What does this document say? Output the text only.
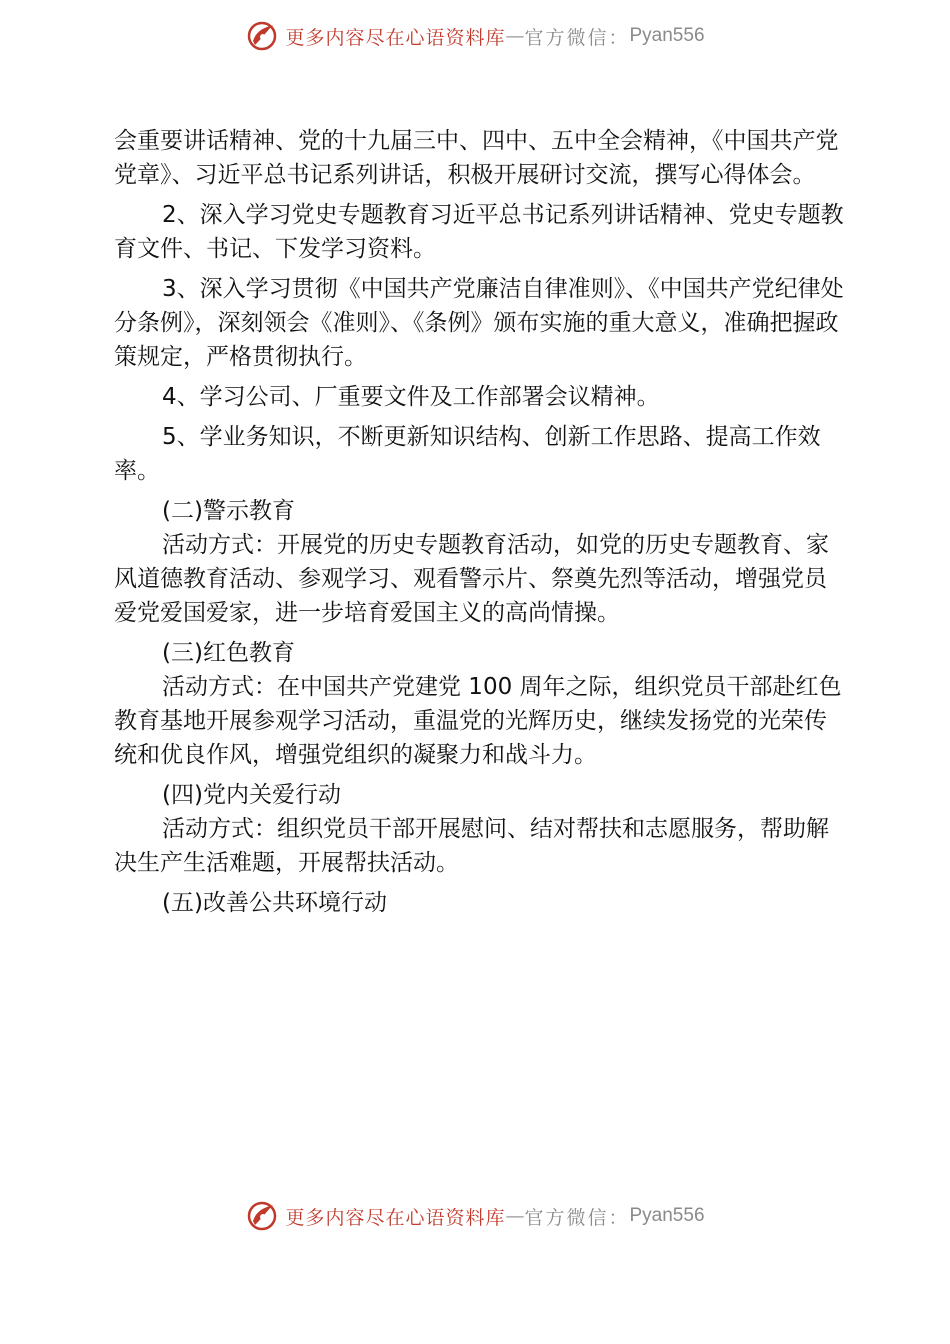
更多内容尽在心语资料库 — 官方微信： Pyan556

会重要讲话精神、党的十九届三中、四中、五中全会精神，《中国共产党党章》、习近平总书记系列讲话，积极开展研讨交流，撰写心得体会。

2、深入学习党史专题教育习近平总书记系列讲话精神、党史专题教育文件、书记、下发学习资料。

3、深入学习贯彻《中国共产党廉洁自律准则》、《中国共产党纪律处分条例》，深刻领会《准则》、《条例》颁布实施的重大意义，准确把握政策规定，严格贯彻执行。

4、学习公司、厂重要文件及工作部署会议精神。

5、学业务知识，不断更新知识结构、创新工作思路、提高工作效率。

(二)警示教育

活动方式：开展党的历史专题教育活动，如党的历史专题教育、家风道德教育活动、参观学习、观看警示片、祭奠先烈等活动，增强党员爱党爱国爱家，进一步培育爱国主义的高尚情操。

(三)红色教育

活动方式：在中国共产党建党 100 周年之际，组织党员干部赴红色教育基地开展参观学习活动，重温党的光辉历史，继续发扬党的光荣传统和优良作风，增强党组织的凝聚力和战斗力。

(四)党内关爱行动

活动方式：组织党员干部开展慰问、结对帮扶和志愿服务，帮助解决生产生活难题，开展帮扶活动。

(五)改善公共环境行动

更多内容尽在心语资料库 — 官方微信： Pyan556
